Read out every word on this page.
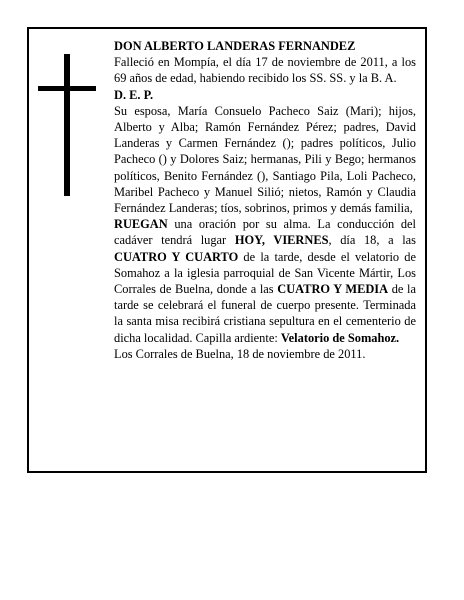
DON ALBERTO LANDERAS FERNANDEZ

Falleció en Mompía, el día 17 de noviembre de 2011, a los 69 años de edad, habiendo recibido los SS. SS. y la B. A.

D. E. P.

Su esposa, María Consuelo Pacheco Saiz (Mari); hijos, Alberto y Alba; Ramón Fernández Pérez; padres, David Landeras y Carmen Fernández (); padres políticos, Julio Pacheco () y Dolores Saiz; hermanas, Pili y Bego; hermanos políticos, Benito Fernández (), Santiago Pila, Loli Pacheco, Maribel Pacheco y Manuel Silió; nietos, Ramón y Claudia Fernández Landeras; tíos, sobrinos, primos y demás familia,

RUEGAN una oración por su alma. La conducción del cadáver tendrá lugar HOY, VIERNES, día 18, a las CUATRO Y CUARTO de la tarde, desde el velatorio de Somahoz a la iglesia parroquial de San Vicente Mártir, Los Corrales de Buelna, donde a las CUATRO Y MEDIA de la tarde se celebrará el funeral de cuerpo presente. Terminada la santa misa recibirá cristiana sepultura en el cementerio de dicha localidad. Capilla ardiente: Velatorio de Somahoz.

Los Corrales de Buelna, 18 de noviembre de 2011.
